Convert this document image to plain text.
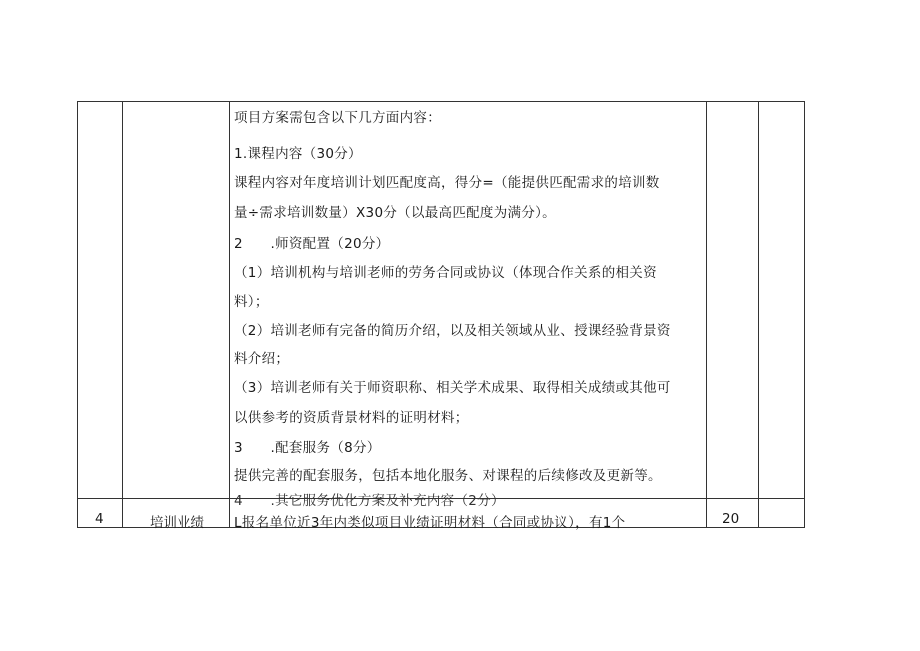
项目方案需包含以下几方面内容：
1.课程内容（30分）
课程内容对年度培训计划匹配度高，得分=（能提供匹配需求的培训数
量÷需求培训数量）X30分（以最高匹配度为满分）。
2　　.师资配置（20分）
（1）培训机构与培训老师的劳务合同或协议（体现合作关系的相关资
料）；
（2）培训老师有完备的简历介绍，以及相关领域从业、授课经验背景资
料介绍；
（3）培训老师有关于师资职称、相关学术成果、取得相关成绩或其他可
以供参考的资质背景材料的证明材料；
3　　.配套服务（8分）
提供完善的配套服务，包括本地化服务、对课程的后续修改及更新等。
4　　.其它服务优化方案及补充内容（2分）
4	培训业绩 L报名单位近3年内类似项目业绩证明材料（合同或协议），有1个	20
